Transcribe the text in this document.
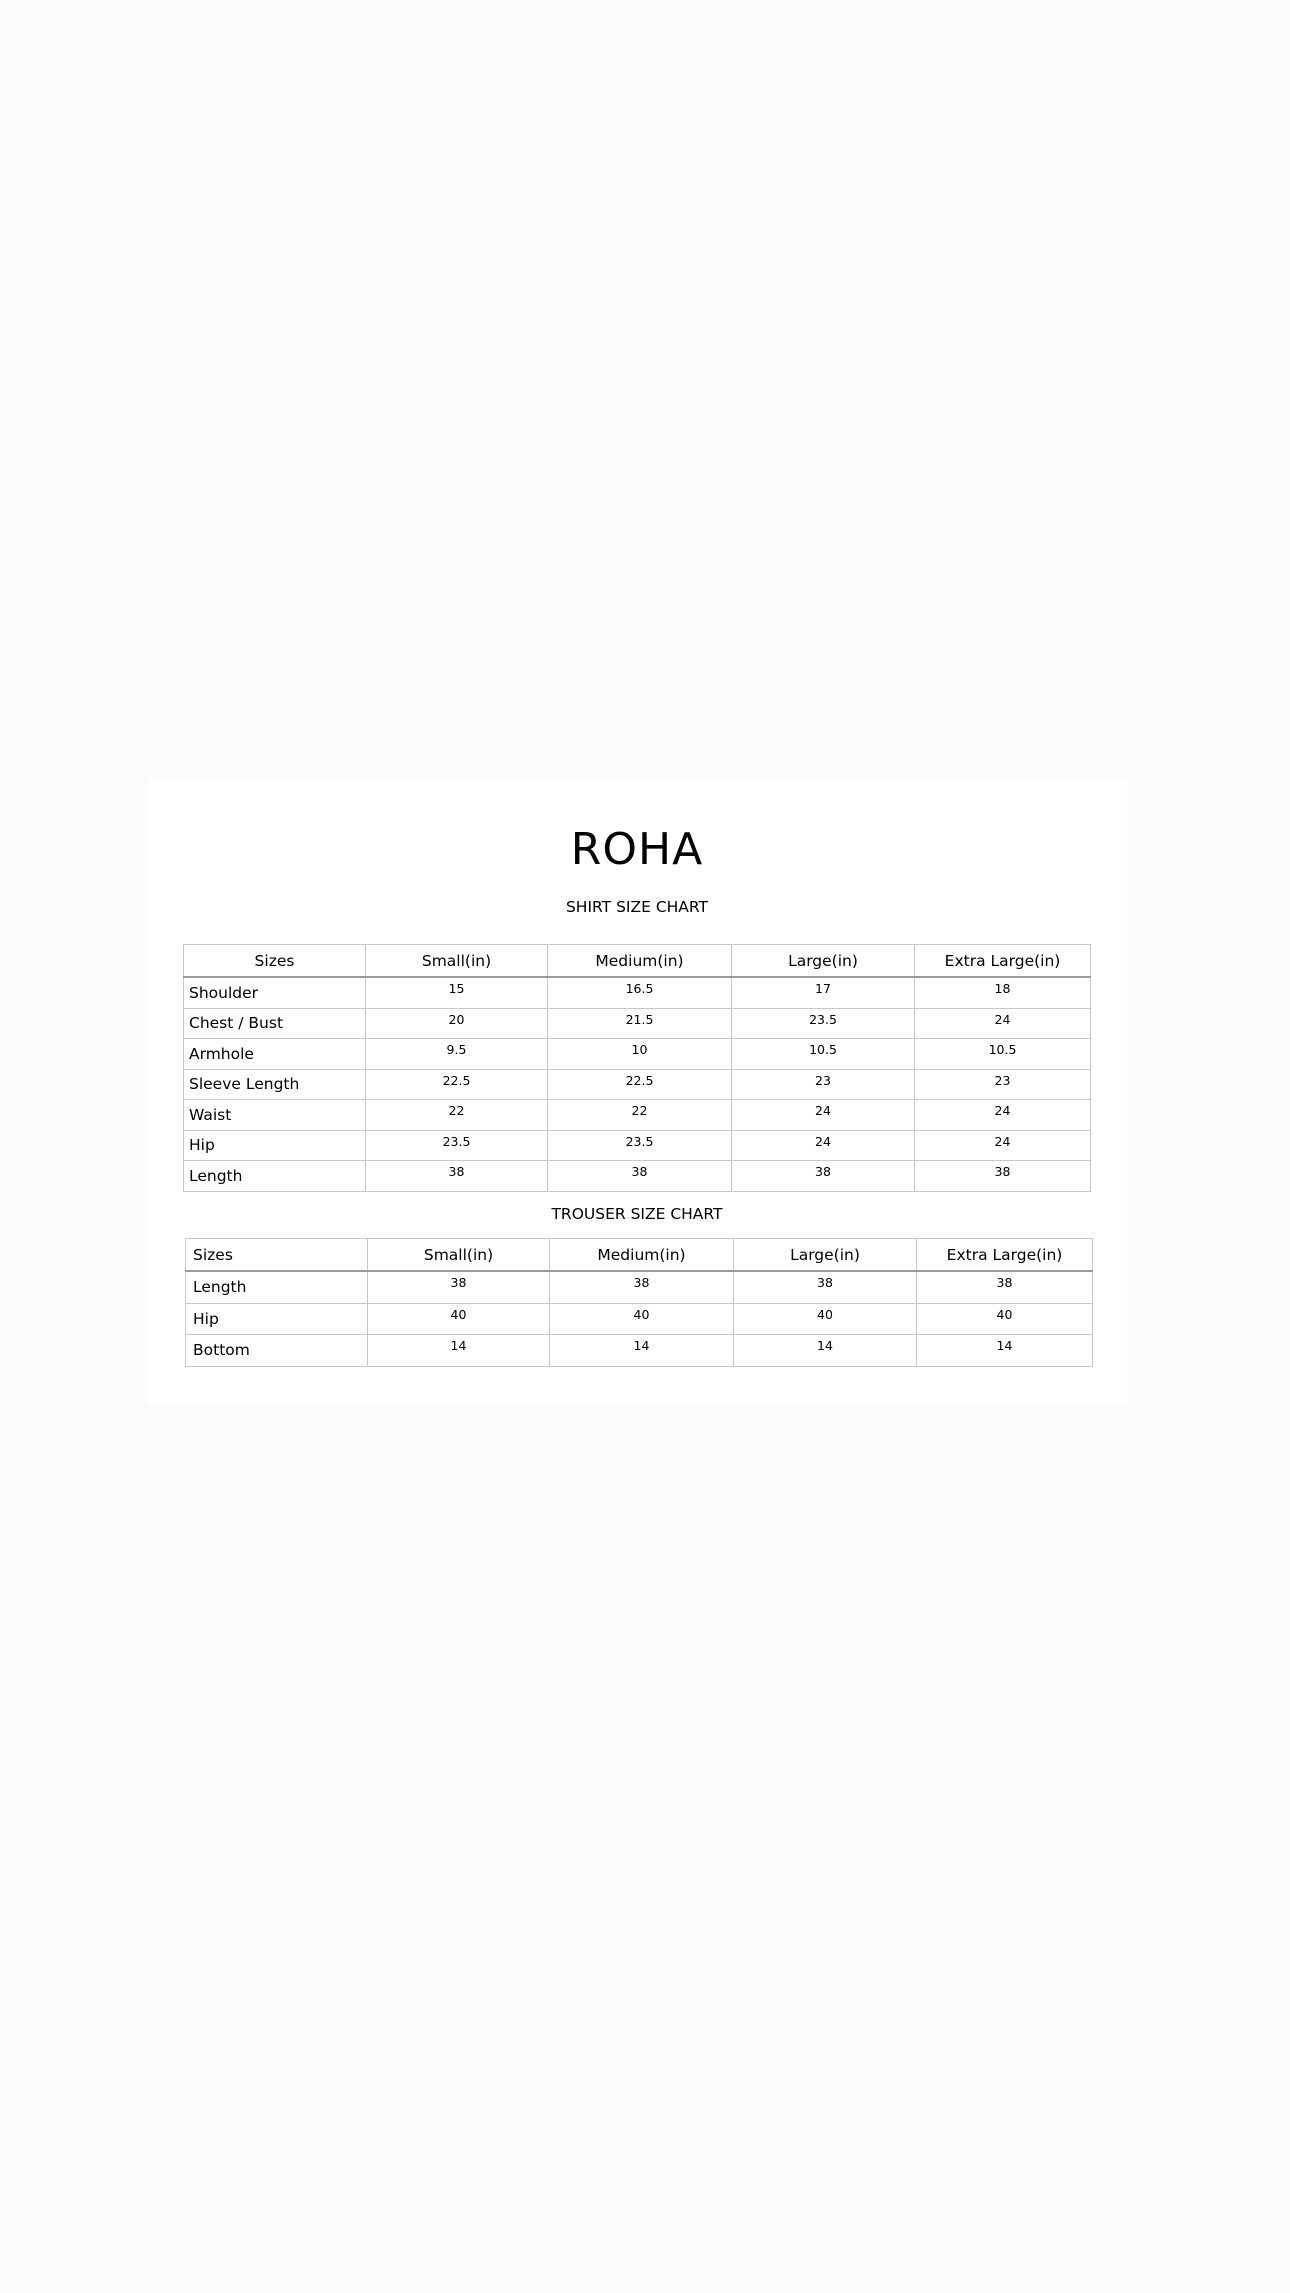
ROHA
SHIRT SIZE CHART
Sizes	Small(in)	Medium(in)	Large(in)	Extra Large(in)
Shoulder	15	16.5	17	18
Chest / Bust	20	21.5	23.5	24
Armhole	9.5	10	10.5	10.5
Sleeve Length	22.5	22.5	23	23
Waist	22	22	24	24
Hip	23.5	23.5	24	24
Length	38	38	38	38
TROUSER SIZE CHART
Sizes	Small(in)	Medium(in)	Large(in)	Extra Large(in)
Length	38	38	38	38
Hip	40	40	40	40
Bottom	14	14	14	14
